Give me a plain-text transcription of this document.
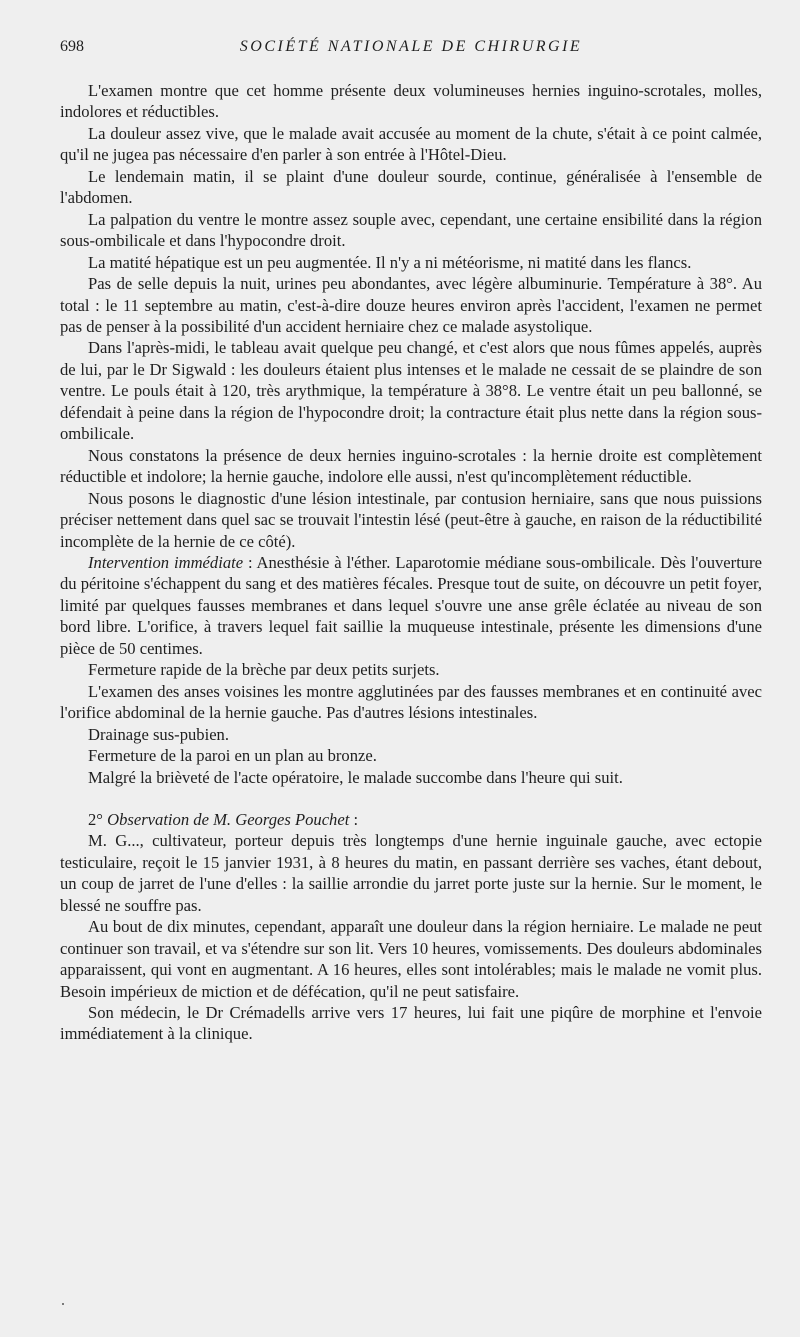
698	SOCIÉTÉ NATIONALE DE CHIRURGIE

L'examen montre que cet homme présente deux volumineuses hernies inguino-scrotales, molles, indolores et réductibles.

La douleur assez vive, que le malade avait accusée au moment de la chute, s'était à ce point calmée, qu'il ne jugea pas nécessaire d'en parler à son entrée à l'Hôtel-Dieu.

Le lendemain matin, il se plaint d'une douleur sourde, continue, généralisée à l'ensemble de l'abdomen.

La palpation du ventre le montre assez souple avec, cependant, une certaine ensibilité dans la région sous-ombilicale et dans l'hypocondre droit.

La matité hépatique est un peu augmentée. Il n'y a ni météorisme, ni matité dans les flancs.

Pas de selle depuis la nuit, urines peu abondantes, avec légère albuminurie. Température à 38°. Au total : le 11 septembre au matin, c'est-à-dire douze heures environ après l'accident, l'examen ne permet pas de penser à la possibilité d'un accident herniaire chez ce malade asystolique.

Dans l'après-midi, le tableau avait quelque peu changé, et c'est alors que nous fûmes appelés, auprès de lui, par le Dr Sigwald : les douleurs étaient plus intenses et le malade ne cessait de se plaindre de son ventre. Le pouls était à 120, très arythmique, la température à 38°8. Le ventre était un peu ballonné, se défendait à peine dans la région de l'hypocondre droit; la contracture était plus nette dans la région sous-ombilicale.

Nous constatons la présence de deux hernies inguino-scrotales : la hernie droite est complètement réductible et indolore; la hernie gauche, indolore elle aussi, n'est qu'incomplètement réductible.

Nous posons le diagnostic d'une lésion intestinale, par contusion herniaire, sans que nous puissions préciser nettement dans quel sac se trouvait l'intestin lésé (peut-être à gauche, en raison de la réductibilité incomplète de la hernie de ce côté).

Intervention immédiate : Anesthésie à l'éther. Laparotomie médiane sous-ombilicale. Dès l'ouverture du péritoine s'échappent du sang et des matières fécales. Presque tout de suite, on découvre un petit foyer, limité par quelques fausses membranes et dans lequel s'ouvre une anse grêle éclatée au niveau de son bord libre. L'orifice, à travers lequel fait saillie la muqueuse intestinale, présente les dimensions d'une pièce de 50 centimes.

Fermeture rapide de la brèche par deux petits surjets.

L'examen des anses voisines les montre agglutinées par des fausses membranes et en continuité avec l'orifice abdominal de la hernie gauche. Pas d'autres lésions intestinales.

Drainage sus-pubien.

Fermeture de la paroi en un plan au bronze.

Malgré la brièveté de l'acte opératoire, le malade succombe dans l'heure qui suit.

2° Observation de M. Georges Pouchet :

M. G..., cultivateur, porteur depuis très longtemps d'une hernie inguinale gauche, avec ectopie testiculaire, reçoit le 15 janvier 1931, à 8 heures du matin, en passant derrière ses vaches, étant debout, un coup de jarret de l'une d'elles : la saillie arrondie du jarret porte juste sur la hernie. Sur le moment, le blessé ne souffre pas.

Au bout de dix minutes, cependant, apparaît une douleur dans la région herniaire. Le malade ne peut continuer son travail, et va s'étendre sur son lit. Vers 10 heures, vomissements. Des douleurs abdominales apparaissent, qui vont en augmentant. A 16 heures, elles sont intolérables; mais le malade ne vomit plus. Besoin impérieux de miction et de défécation, qu'il ne peut satisfaire.

Son médecin, le Dr Crémadells arrive vers 17 heures, lui fait une piqûre de morphine et l'envoie immédiatement à la clinique.
